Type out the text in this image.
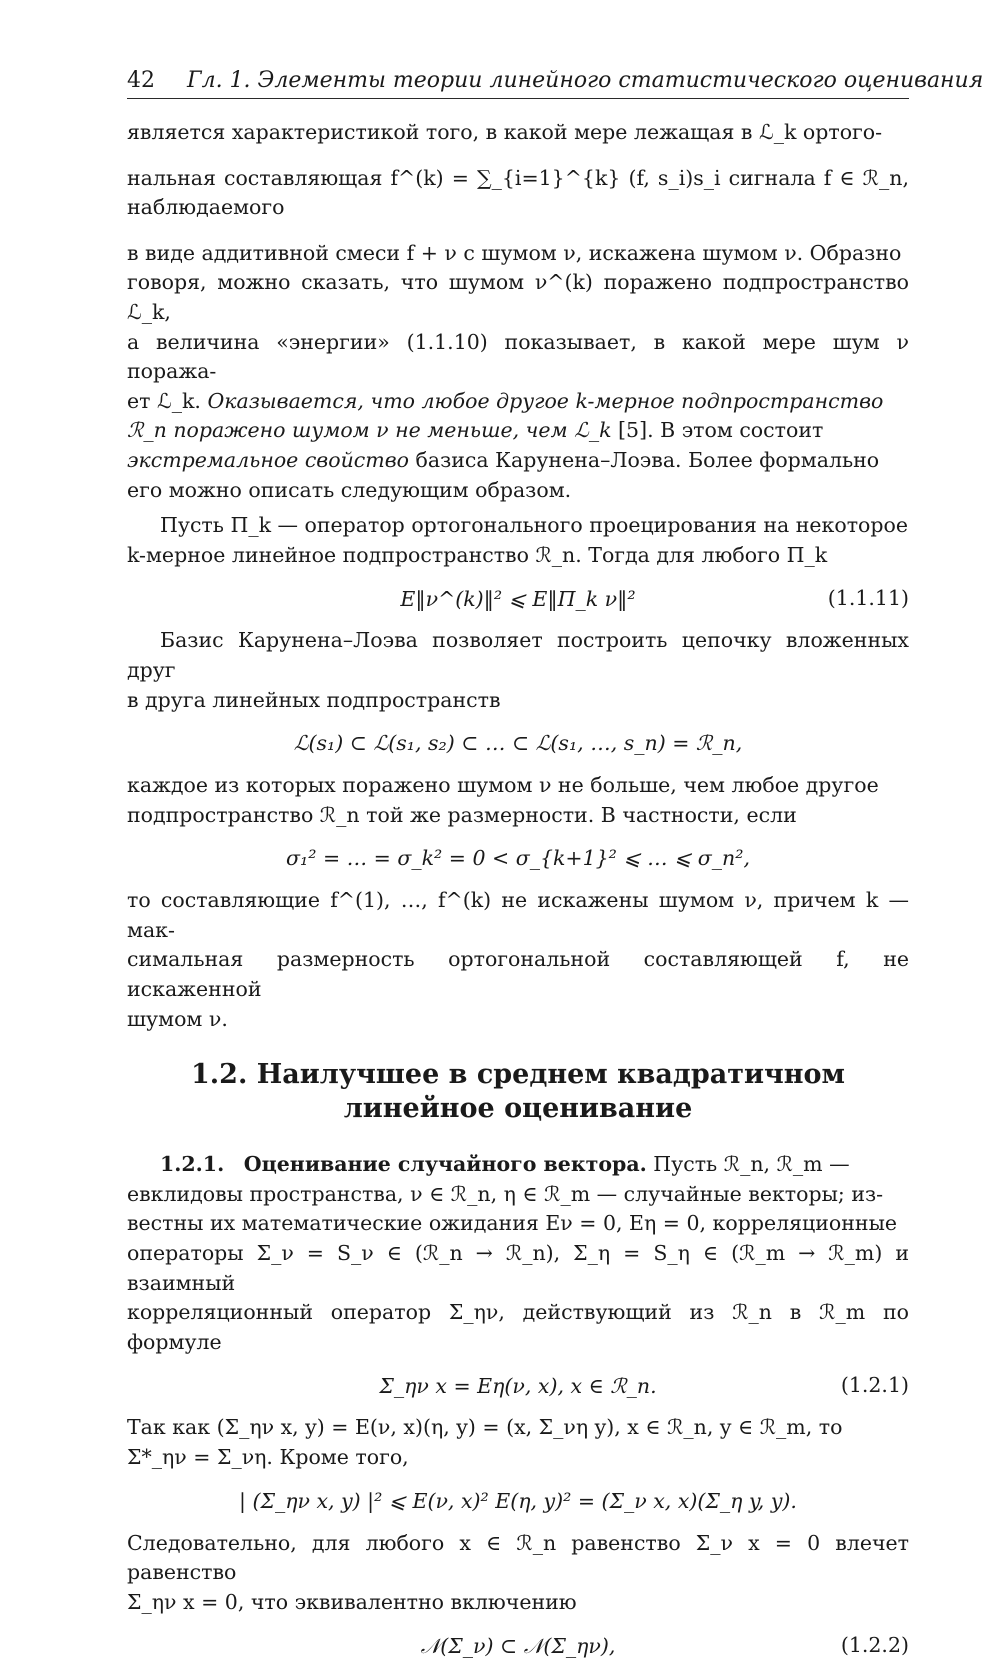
42 Гл. 1. Элементы теории линейного статистического оценивания

является характеристикой того, в какой мере лежащая в ℒ_k ортого-

нальная составляющая f^(k) = ∑_{i=1}^{k} (f, s_i)s_i сигнала f ∈ ℛ_n, наблюдаемого

в виде аддитивной смеси f + ν с шумом ν, искажена шумом ν. Образно

говоря, можно сказать, что шумом ν^(k) поражено подпространство ℒ_k,

а величина «энергии» (1.1.10) показывает, в какой мере шум ν поража-

ет ℒ_k. Оказывается, что любое другое k-мерное подпространство

ℛ_n поражено шумом ν не меньше, чем ℒ_k [5]. В этом состоит

экстремальное свойство базиса Карунена–Лоэва. Более формально

его можно описать следующим образом.

Пусть Π_k — оператор ортогонального проецирования на некоторое

k-мерное линейное подпространство ℛ_n. Тогда для любого Π_k

E‖ν^(k)‖² ⩽ E‖Π_k ν‖²	(1.1.11)

Базис Карунена–Лоэва позволяет построить цепочку вложенных друг

в друга линейных подпространств

ℒ(s₁) ⊂ ℒ(s₁, s₂) ⊂ … ⊂ ℒ(s₁, …, s_n) = ℛ_n,

каждое из которых поражено шумом ν не больше, чем любое другое

подпространство ℛ_n той же размерности. В частности, если

σ₁² = … = σ_k² = 0 < σ_{k+1}² ⩽ … ⩽ σ_n²,

то составляющие f^(1), …, f^(k) не искажены шумом ν, причем k — мак-

симальная размерность ортогональной составляющей f, не искаженной

шумом ν.

1.2. Наилучшее в среднем квадратичном
линейное оценивание

1.2.1. Оценивание случайного вектора. Пусть ℛ_n, ℛ_m —

евклидовы пространства, ν ∈ ℛ_n, η ∈ ℛ_m — случайные векторы; из-

вестны их математические ожидания Eν = 0, Eη = 0, корреляционные

операторы Σ_ν = S_ν ∈ (ℛ_n → ℛ_n), Σ_η = S_η ∈ (ℛ_m → ℛ_m) и взаимный

корреляционный оператор Σ_ην, действующий из ℛ_n в ℛ_m по формуле

Σ_ην x = Eη(ν, x), x ∈ ℛ_n.	(1.2.1)

Так как (Σ_ην x, y) = E(ν, x)(η, y) = (x, Σ_νη y), x ∈ ℛ_n, y ∈ ℛ_m, то

Σ*_ην = Σ_νη. Кроме того,

| (Σ_ην x, y) |² ⩽ E(ν, x)² E(η, y)² = (Σ_ν x, x)(Σ_η y, y).

Следовательно, для любого x ∈ ℛ_n равенство Σ_ν x = 0 влечет равенство

Σ_ην x = 0, что эквивалентно включению

𝒩(Σ_ν) ⊂ 𝒩(Σ_ην),	(1.2.2)
